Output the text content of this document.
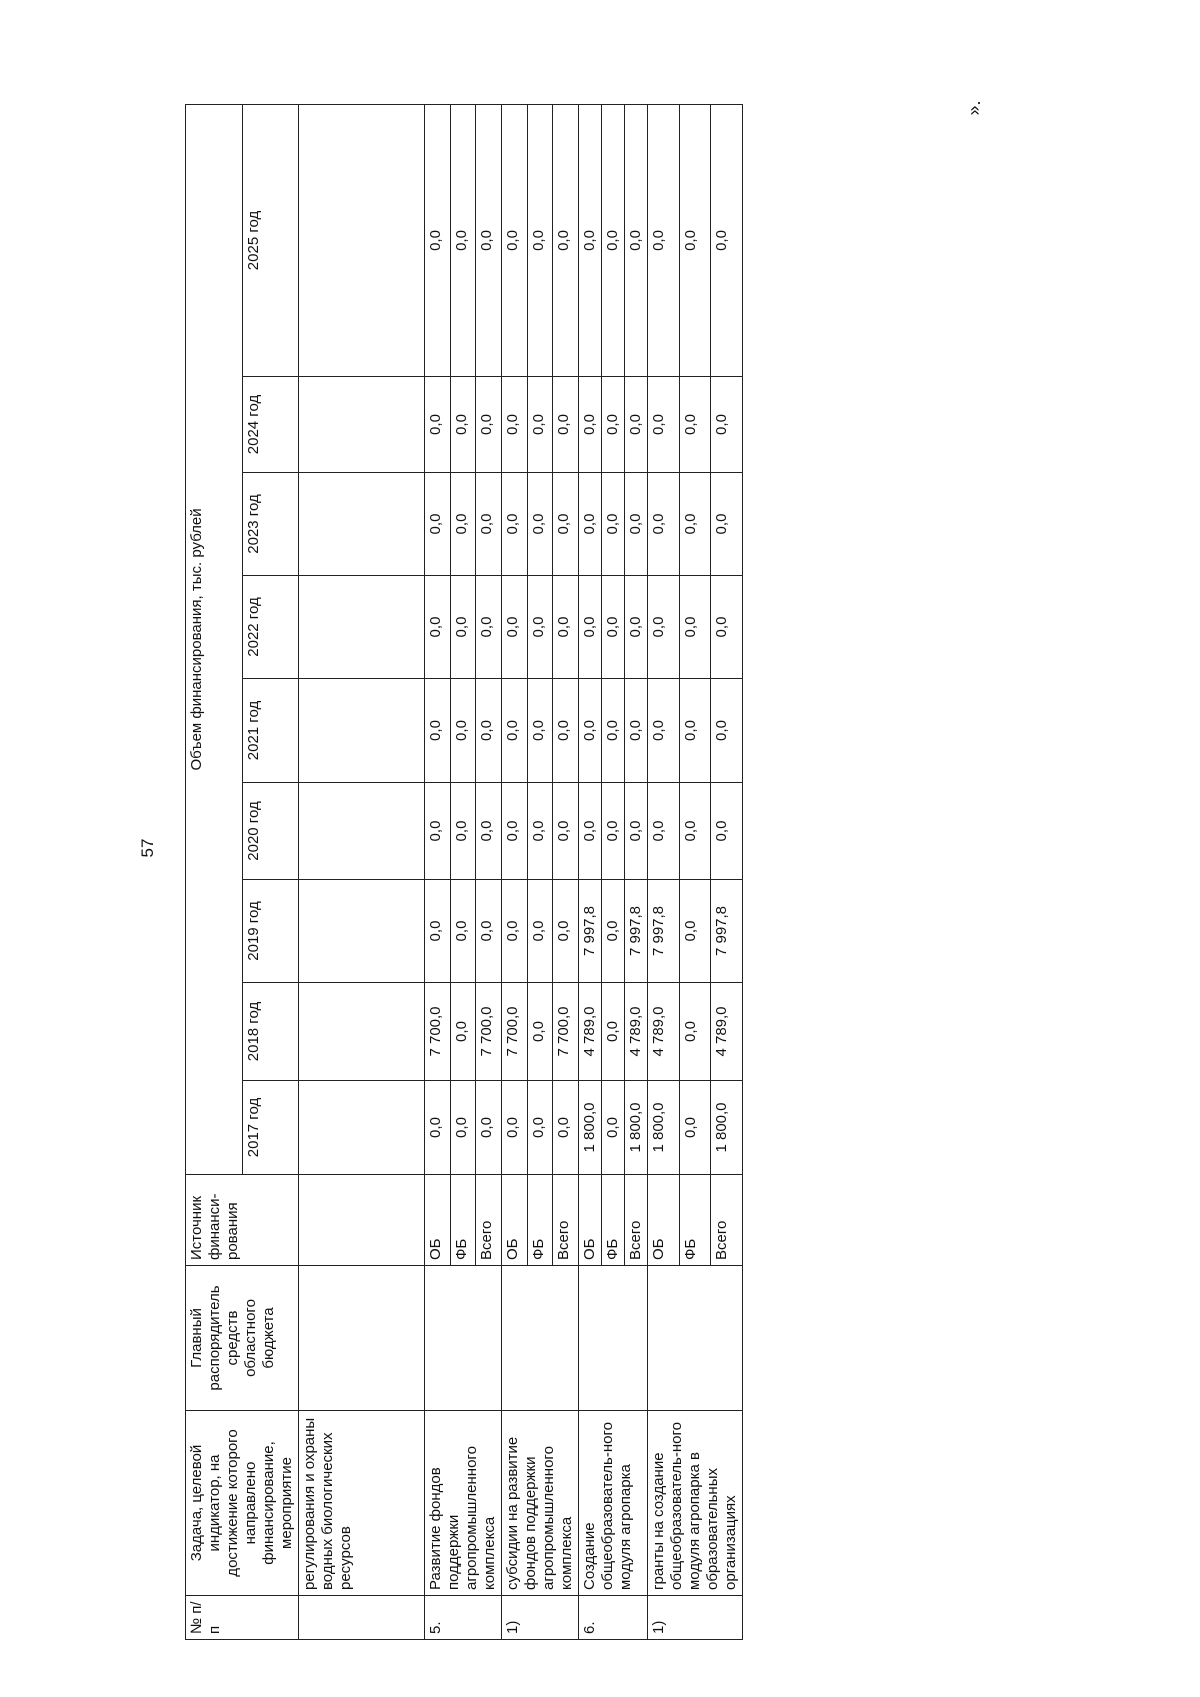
57
».
№ п/п	Задача, целевой индикатор, на достижение которого направлено финансирование, мероприятие	Главный распорядитель средств областного бюджета	Источник финанси-рования	Объем финансирования, тыс. рублей								
				2017 год	2018 год	2019 год	2020 год	2021 год	2022 год	2023 год	2024 год	2025 год
	регулирования и охраны водных биологических ресурсов											
5.	Развитие фондов поддержки агропромышленного комплекса		ОБ	0,0	7 700,0	0,0	0,0	0,0	0,0	0,0	0,0	0,0
			ФБ	0,0	0,0	0,0	0,0	0,0	0,0	0,0	0,0	0,0
			Всего	0,0	7 700,0	0,0	0,0	0,0	0,0	0,0	0,0	0,0
1)	субсидии на развитие фондов поддержки агропромышленного комплекса		ОБ	0,0	7 700,0	0,0	0,0	0,0	0,0	0,0	0,0	0,0
			ФБ	0,0	0,0	0,0	0,0	0,0	0,0	0,0	0,0	0,0
			Всего	0,0	7 700,0	0,0	0,0	0,0	0,0	0,0	0,0	0,0
6.	Создание общеобразователь-ного модуля агропарка		ОБ	1 800,0	4 789,0	7 997,8	0,0	0,0	0,0	0,0	0,0	0,0
			ФБ	0,0	0,0	0,0	0,0	0,0	0,0	0,0	0,0	0,0
			Всего	1 800,0	4 789,0	7 997,8	0,0	0,0	0,0	0,0	0,0	0,0
1)	гранты на создание общеобразователь-ного модуля агропарка в образовательных организациях		ОБ	1 800,0	4 789,0	7 997,8	0,0	0,0	0,0	0,0	0,0	0,0
			ФБ	0,0	0,0	0,0	0,0	0,0	0,0	0,0	0,0	0,0
			Всего	1 800,0	4 789,0	7 997,8	0,0	0,0	0,0	0,0	0,0	0,0
